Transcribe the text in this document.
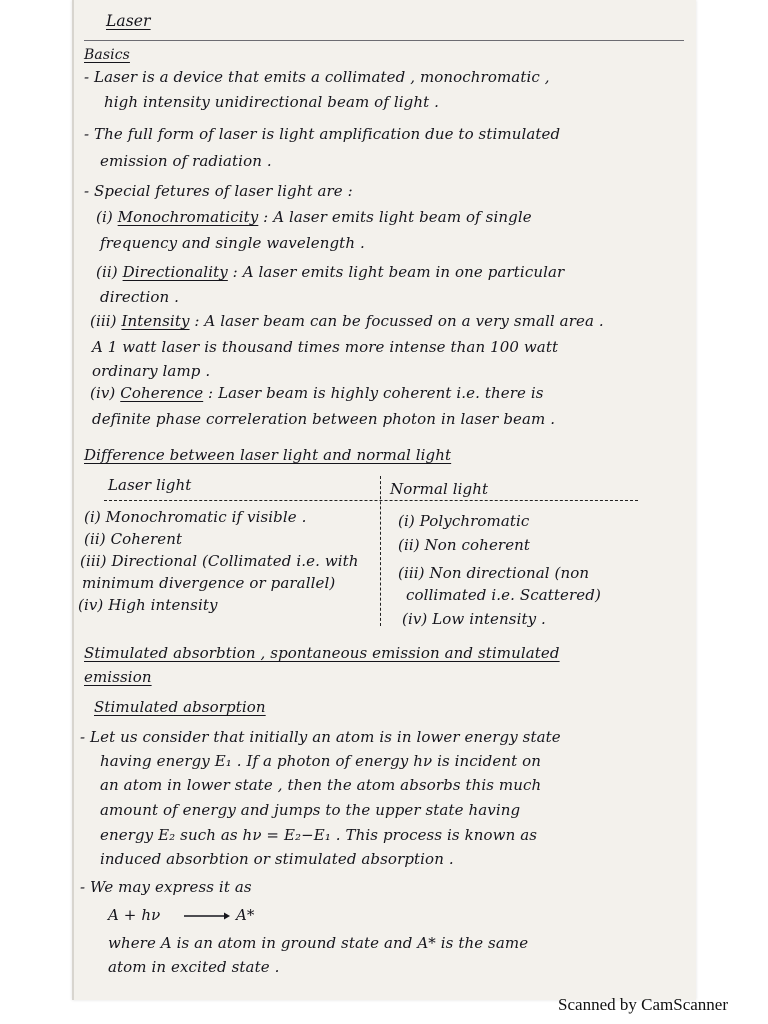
Laser
Basics
- Laser is a device that emits a collimated , monochromatic ,
high intensity unidirectional beam of light .
- The full form of laser is light amplification due to stimulated
emission of radiation .
- Special fetures of laser light are :
(i) Monochromaticity : A laser emits light beam of single
frequency and single wavelength .
(ii) Directionality : A laser emits light beam in one particular
direction .
(iii) Intensity : A laser beam can be focussed on a very small area .
A 1 watt laser is thousand times more intense than 100 watt
ordinary lamp .
(iv) Coherence : Laser beam is highly coherent i.e. there is
definite phase correleration between photon in laser beam .
Difference between laser light and normal light
Laser light	Normal light
(i) Monochromatic if visible .
(ii) Coherent
(iii) Directional (Collimated i.e. with
minimum divergence or parallel)
(iv) High intensity
(i) Polychromatic
(ii) Non coherent
(iii) Non directional (non
collimated i.e. Scattered)
(iv) Low intensity .
Stimulated absorbtion , spontaneous emission and stimulated
emission
Stimulated absorption
- Let us consider that initially an atom is in lower energy state
having energy E₁ . If a photon of energy hν is incident on
an atom in lower state , then the atom absorbs this much
amount of energy and jumps to the upper state having
energy E₂ such as hν = E₂−E₁ . This process is known as
induced absorbtion or stimulated absorption .
- We may express it as
A + hν	A*
where A is an atom in ground state and A* is the same
atom in excited state .
Scanned by CamScanner
